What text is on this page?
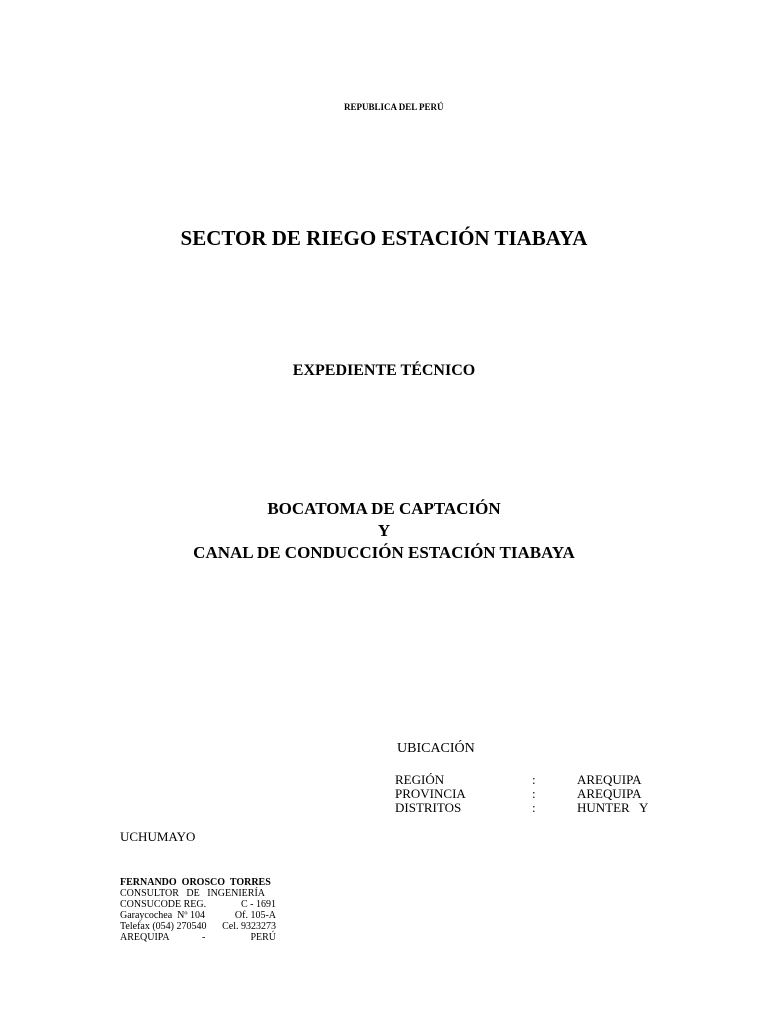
REPUBLICA DEL PERÚ
SECTOR DE RIEGO ESTACIÓN TIABAYA
EXPEDIENTE TÉCNICO
BOCATOMA DE CAPTACIÓN
Y
CANAL DE CONDUCCIÓN ESTACIÓN TIABAYA
UBICACIÓN
REGIÓN	:	AREQUIPA
PROVINCIA	:	AREQUIPA
DISTRITOS	:	HUNTER   Y
UCHUMAYO
FERNANDO  OROSCO  TORRES
CONSULTOR   DE   INGENIERÍA
CONSUCODE REG.	C - 1691
Garaycochea  Nº 104	Of. 105-A
Telefax (054) 270540 Cel. 9323273
AREQUIPA	-	PERÚ
